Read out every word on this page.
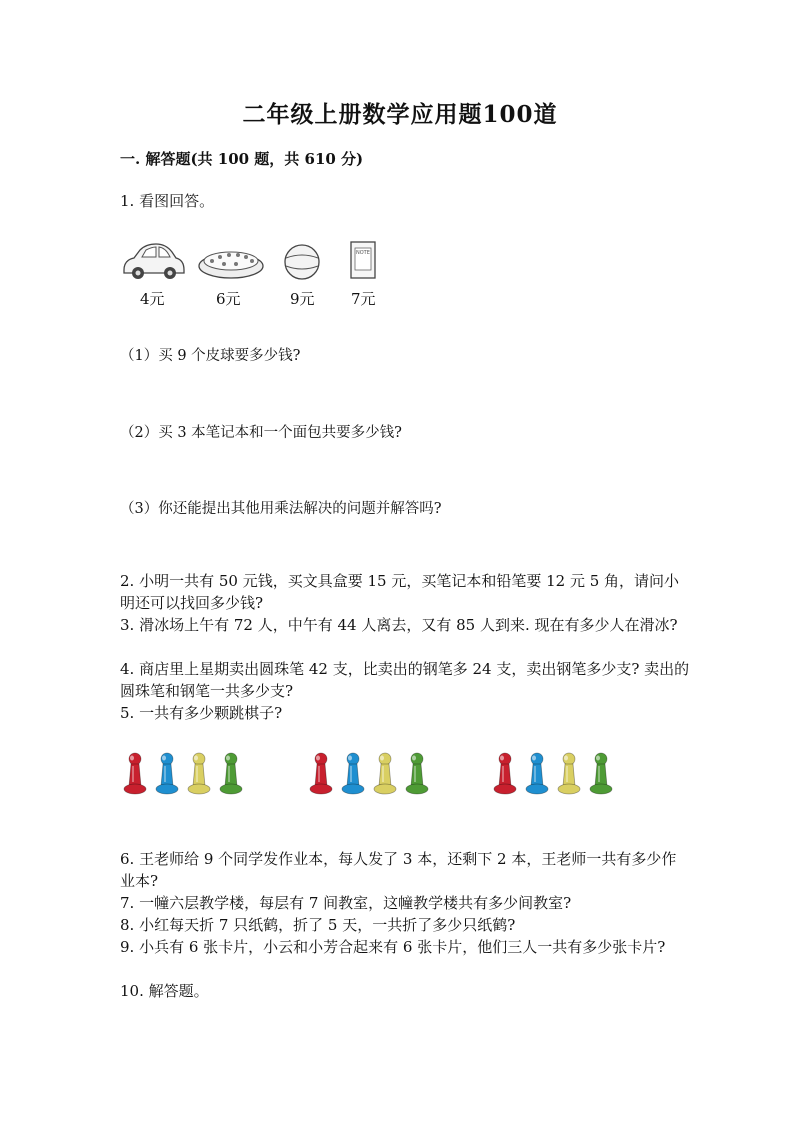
二年级上册数学应用题100道
一. 解答题(共 100 题，共 610 分)
1. 看图回答。
NOTE
4元	6元	9元 7元
（1）买 9 个皮球要多少钱?
（2）买 3 本笔记本和一个面包共要多少钱?
（3）你还能提出其他用乘法解决的问题并解答吗?
2. 小明一共有 50 元钱，买文具盒要 15 元，买笔记本和铅笔要 12 元 5 角，请问小明还可以找回多少钱?
3. 滑冰场上午有 72 人，中午有 44 人离去，又有 85 人到来. 现在有多少人在滑冰?
4. 商店里上星期卖出圆珠笔 42 支，比卖出的钢笔多 24 支，卖出钢笔多少支? 卖出的圆珠笔和钢笔一共多少支?
5. 一共有多少颗跳棋子?
6. 王老师给 9 个同学发作业本，每人发了 3 本，还剩下 2 本，王老师一共有多少作业本?
7. 一幢六层教学楼，每层有 7 间教室，这幢教学楼共有多少间教室?
8. 小红每天折 7 只纸鹤，折了 5 天，一共折了多少只纸鹤?
9. 小兵有 6 张卡片，小云和小芳合起来有 6 张卡片，他们三人一共有多少张卡片?
10. 解答题。
